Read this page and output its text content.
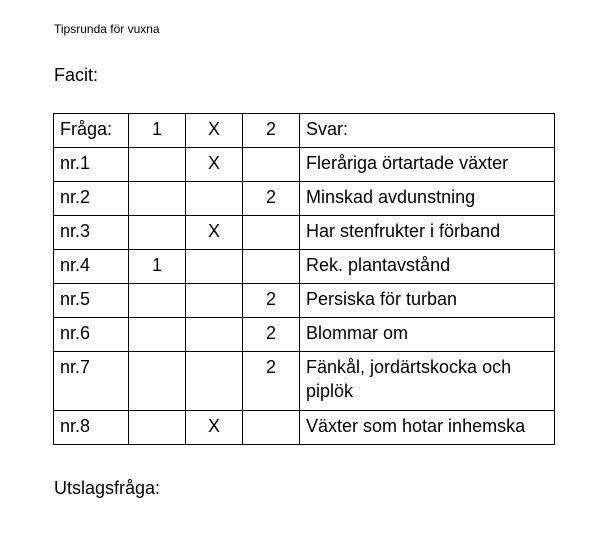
Tipsrunda för vuxna
Facit:
Fråga:	1	X	2	Svar:
nr.1		X		Fleråriga örtartade växter
nr.2			2	Minskad avdunstning
nr.3		X		Har stenfrukter i förband
nr.4	1			Rek. plantavstånd
nr.5			2	Persiska för turban
nr.6			2	Blommar om
nr.7			2	Fänkål, jordärtskocka och piplök
nr.8		X		Växter som hotar inhemska
Utslagsfråga:
